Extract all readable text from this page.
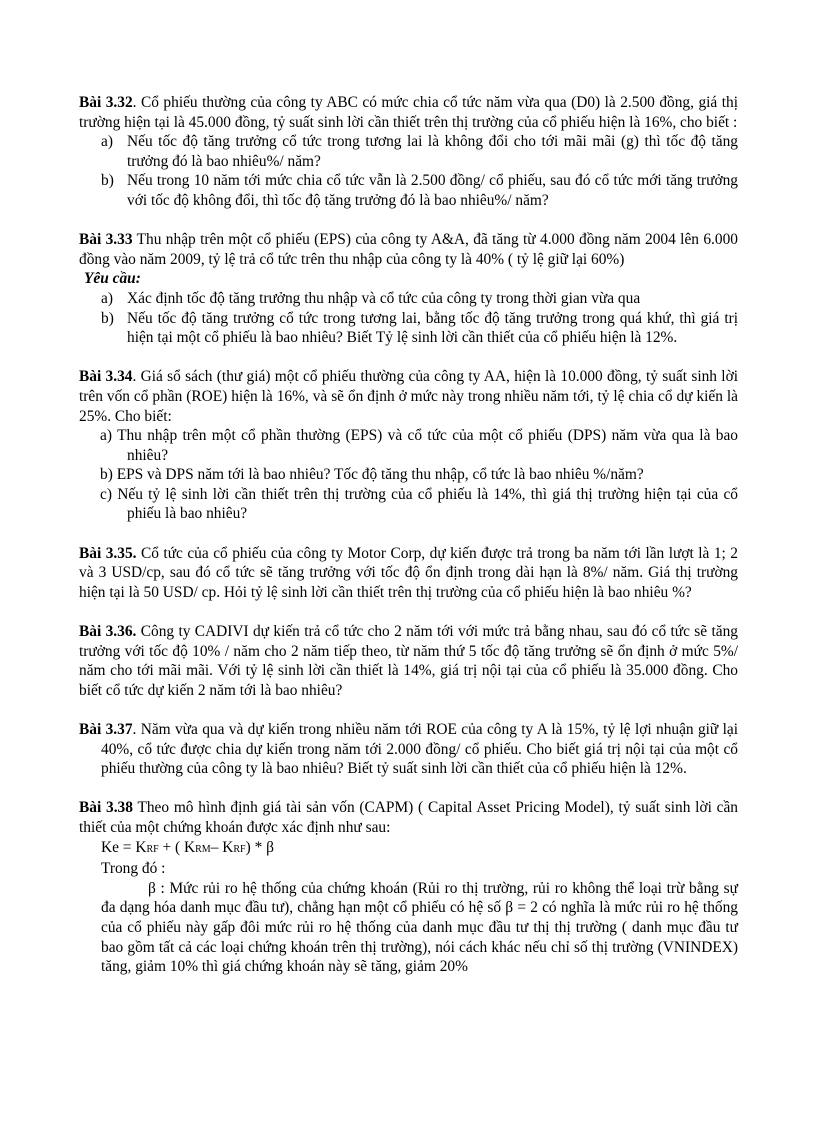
Bài 3.32. Cổ phiếu thường của công ty ABC có mức chia cổ tức năm vừa qua (D0) là 2.500 đồng, giá thị trường hiện tại là 45.000 đồng, tỷ suất sinh lời cần thiết trên thị trường của cổ phiếu hiện là 16%, cho biết :

a) Nếu tốc độ tăng trưởng cổ tức trong tương lai là không đổi cho tới mãi mãi (g) thì tốc độ tăng trưởng đó là bao nhiêu%/ năm?
b) Nếu trong 10 năm tới mức chia cổ tức vẫn là 2.500 đồng/ cổ phiếu, sau đó cổ tức mới tăng trưởng với tốc độ không đổi, thì tốc độ tăng trưởng đó là bao nhiêu%/ năm?

Bài 3.33 Thu nhập trên một cổ phiếu (EPS) của công ty A&A, đã tăng từ 4.000 đồng năm 2004 lên 6.000 đồng vào năm 2009, tỷ lệ trả cổ tức trên thu nhập của công ty là 40% ( tỷ lệ giữ lại 60%)

Yêu cầu:

a) Xác định tốc độ tăng trưởng thu nhập và cổ tức của công ty trong thời gian vừa qua
b) Nếu tốc độ tăng trưởng cổ tức trong tương lai, bằng tốc độ tăng trưởng trong quá khứ, thì giá trị hiện tại một cổ phiếu là bao nhiêu? Biết Tỷ lệ sinh lời cần thiết của cổ phiếu hiện là 12%.

Bài 3.34. Giá sổ sách (thư giá) một cổ phiếu thường của công ty AA, hiện là 10.000 đồng, tỷ suất sinh lời trên vốn cổ phần (ROE) hiện là 16%, và sẽ ổn định ở mức này trong nhiều năm tới, tỷ lệ chia cổ dự kiến là 25%. Cho biết:

a) Thu nhập trên một cổ phần thường (EPS) và cổ tức của một cổ phiếu (DPS) năm vừa qua là bao nhiêu?

b) EPS và DPS năm tới là bao nhiêu? Tốc độ tăng thu nhập, cổ tức là bao nhiêu %/năm?

c) Nếu tỷ lệ sinh lời cần thiết trên thị trường của cổ phiếu là 14%, thì giá thị trường hiện tại của cổ phiếu là bao nhiêu?

Bài 3.35. Cổ tức của cổ phiếu của công ty Motor Corp, dự kiến được trả trong ba năm tới lần lượt là 1; 2 và 3 USD/cp, sau đó cổ tức sẽ tăng trưởng với tốc độ ổn định trong dài hạn là 8%/ năm. Giá thị trường hiện tại là 50 USD/ cp. Hỏi tỷ lệ sinh lời cần thiết trên thị trường của cổ phiếu hiện là bao nhiêu %?

Bài 3.36. Công ty CADIVI dự kiến trả cổ tức cho 2 năm tới với mức trả bằng nhau, sau đó cổ tức sẽ tăng trưởng với tốc độ 10% / năm cho 2 năm tiếp theo, từ năm thứ 5 tốc độ tăng trưởng sẽ ổn định ở mức 5%/ năm cho tới mãi mãi. Với tỷ lệ sinh lời cần thiết là 14%, giá trị nội tại của cổ phiếu là 35.000 đồng. Cho biết cổ tức dự kiến 2 năm tới là bao nhiêu?

Bài 3.37. Năm vừa qua và dự kiến trong nhiều năm tới ROE của công ty A là 15%, tỷ lệ lợi nhuận giữ lại 40%, cổ tức được chia dự kiến trong năm tới 2.000 đồng/ cổ phiếu. Cho biết giá trị nội tại của một cổ phiếu thường của công ty là bao nhiêu? Biết tỷ suất sinh lời cần thiết của cổ phiếu hiện là 12%.

Bài 3.38 Theo mô hình định giá tài sản vốn (CAPM) ( Capital Asset Pricing Model), tỷ suất sinh lời cần thiết của một chứng khoán được xác định như sau:

Ke = KRF + ( KRM– KRF) * β

Trong đó :

β : Mức rủi ro hệ thống của chứng khoán (Rủi ro thị trường, rủi ro không thể loại trừ bằng sự đa dạng hóa danh mục đầu tư), chẳng hạn một cổ phiếu có hệ số β = 2 có nghĩa là mức rủi ro hệ thống của cổ phiếu này gấp đôi mức rủi ro hệ thống của danh mục đầu tư thị thị trường ( danh mục đầu tư bao gồm tất cả các loại chứng khoán trên thị trường), nói cách khác nếu chỉ số thị trường (VNINDEX) tăng, giảm 10% thì giá chứng khoán này sẽ tăng, giảm 20%
